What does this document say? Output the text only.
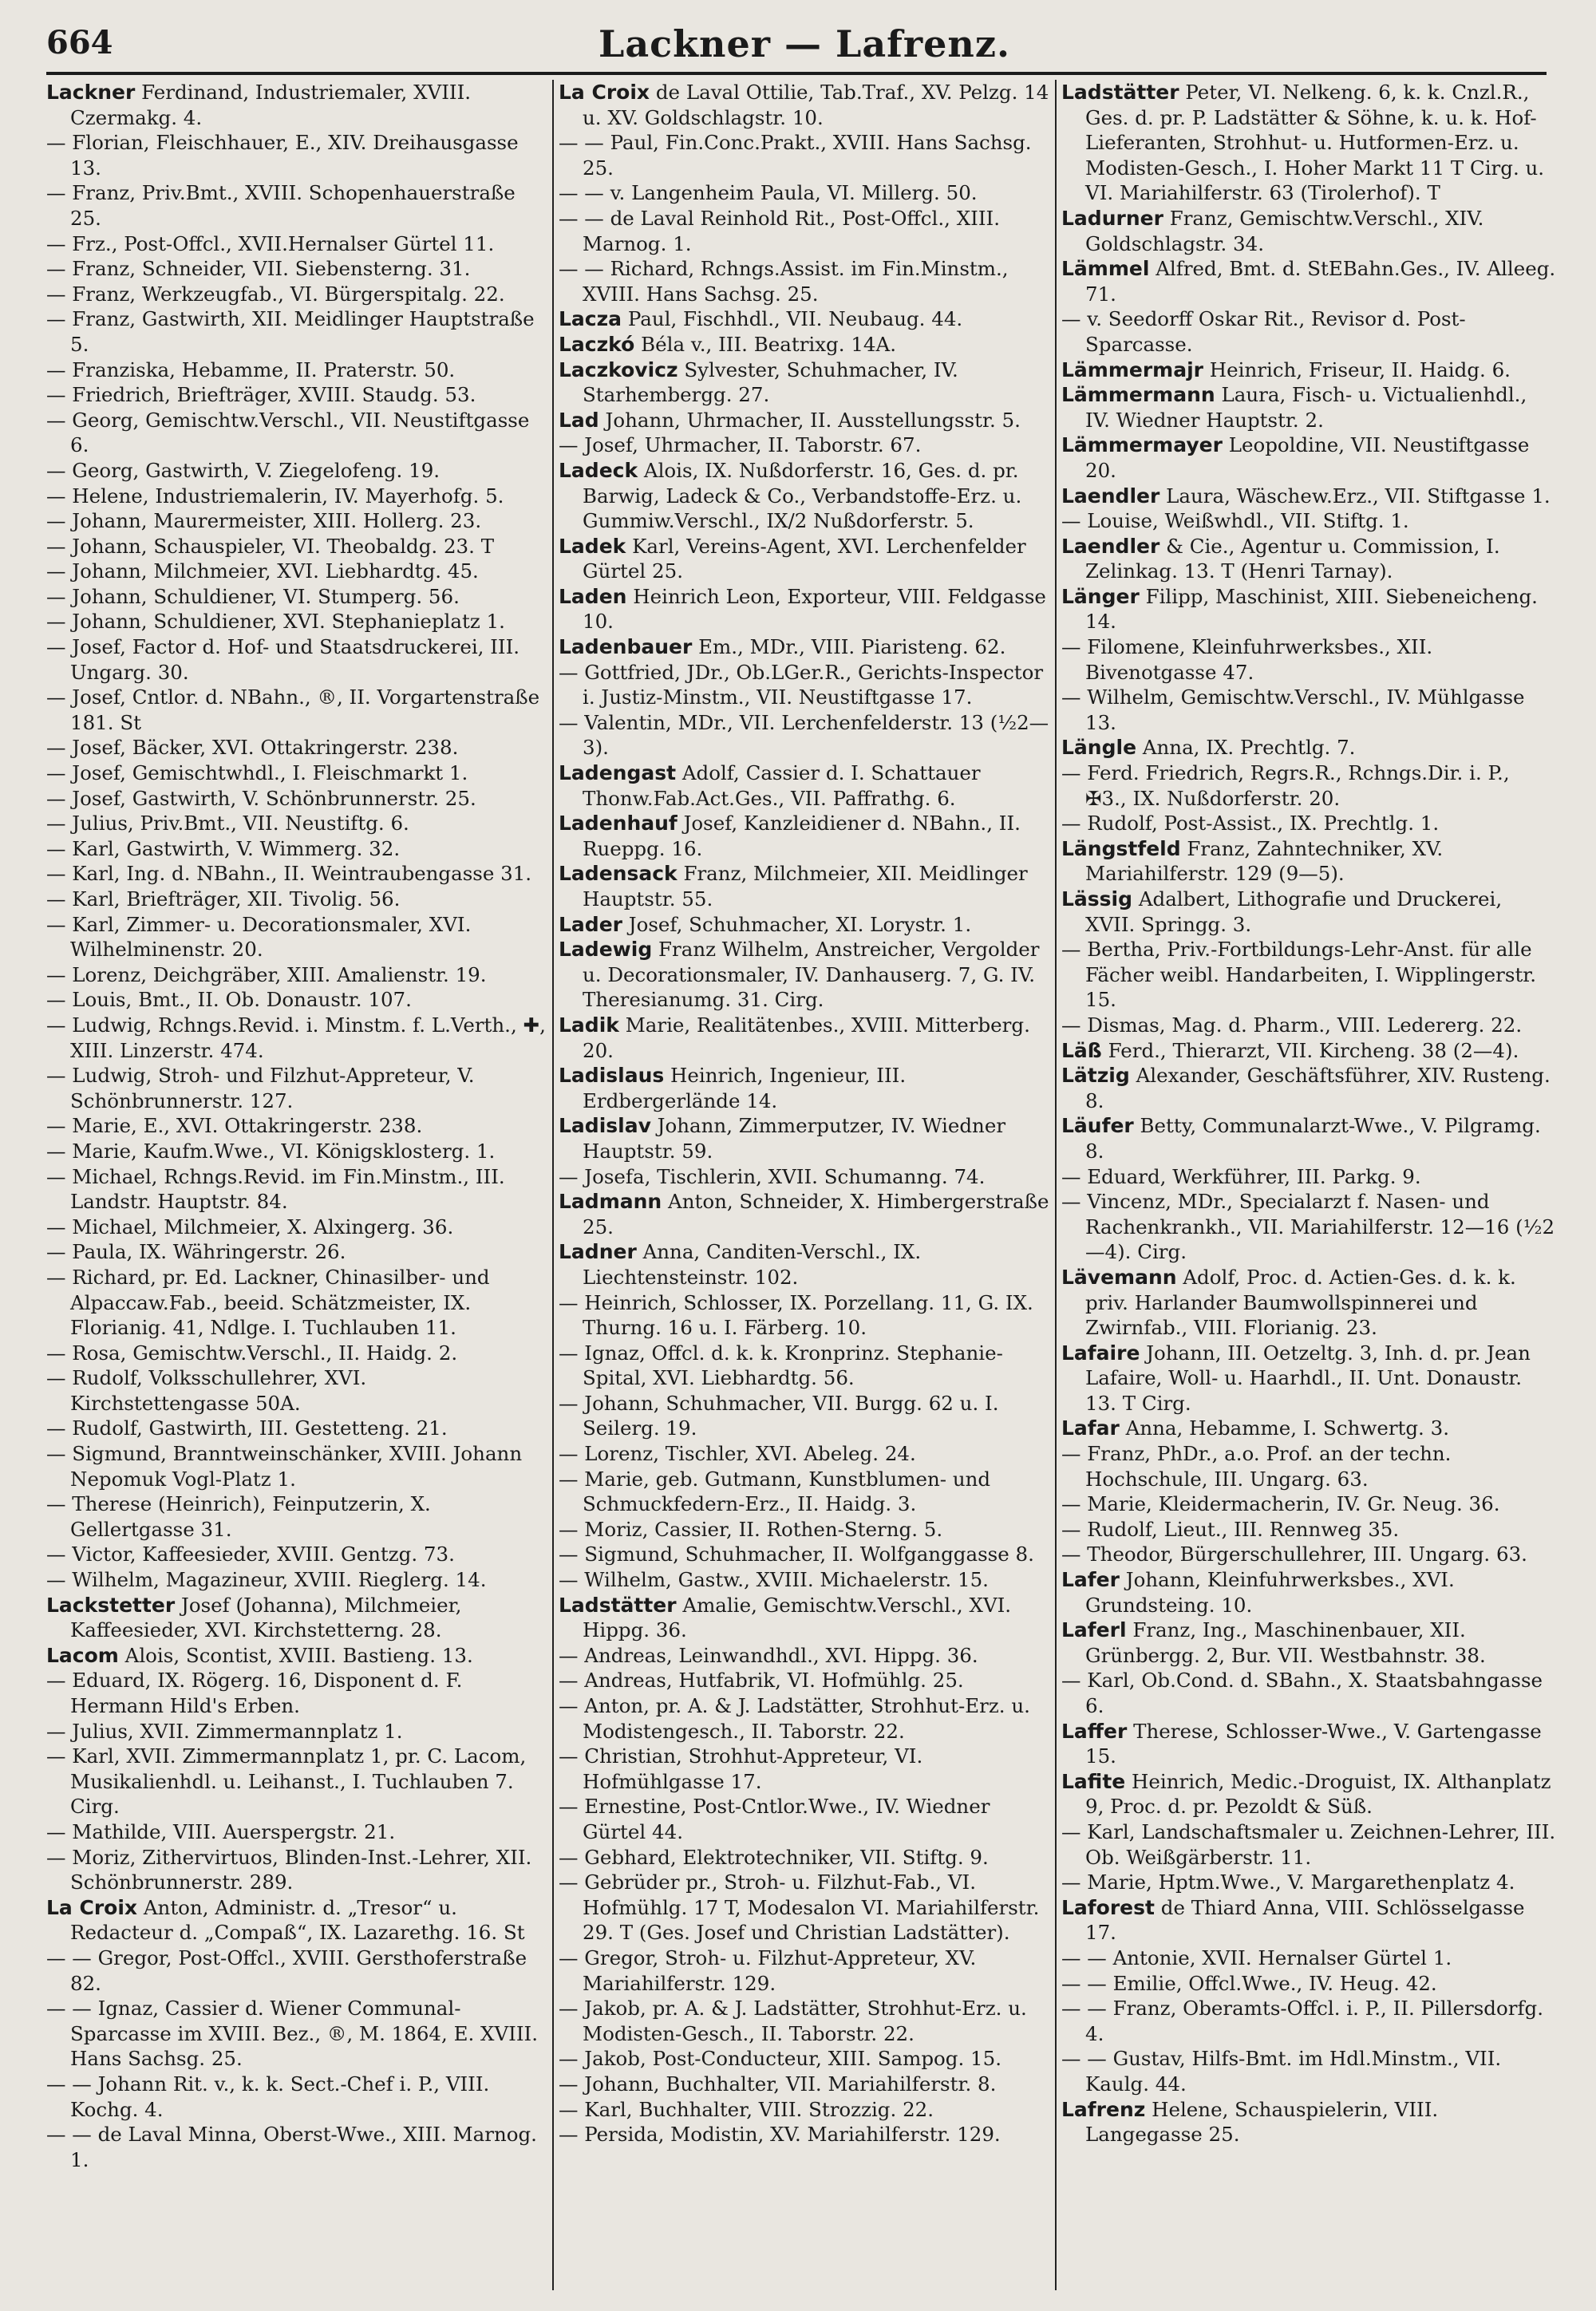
664	Lackner — Lafrenz.

Lackner Ferdinand, Industriemaler, XVIII. Czermakg. 4.

— Florian, Fleischhauer, E., XIV. Dreihausgasse 13.

— Franz, Priv.Bmt., XVIII. Schopenhauerstraße 25.

— Frz., Post-Offcl., XVII.Hernalser Gürtel 11.

— Franz, Schneider, VII. Siebensterng. 31.

— Franz, Werkzeugfab., VI. Bürgerspitalg. 22.

— Franz, Gastwirth, XII. Meidlinger Hauptstraße 5.

— Franziska, Hebamme, II. Praterstr. 50.

— Friedrich, Briefträger, XVIII. Staudg. 53.

— Georg, Gemischtw.Verschl., VII. Neustiftgasse 6.

— Georg, Gastwirth, V. Ziegelofeng. 19.

— Helene, Industriemalerin, IV. Mayerhofg. 5.

— Johann, Maurermeister, XIII. Hollerg. 23.

— Johann, Schauspieler, VI. Theobaldg. 23. T

— Johann, Milchmeier, XVI. Liebhardtg. 45.

— Johann, Schuldiener, VI. Stumperg. 56.

— Johann, Schuldiener, XVI. Stephanieplatz 1.

— Josef, Factor d. Hof- und Staatsdruckerei, III. Ungarg. 30.

— Josef, Cntlor. d. NBahn., ®, II. Vorgartenstraße 181. St

— Josef, Bäcker, XVI. Ottakringerstr. 238.

— Josef, Gemischtwhdl., I. Fleischmarkt 1.

— Josef, Gastwirth, V. Schönbrunnerstr. 25.

— Julius, Priv.Bmt., VII. Neustiftg. 6.

— Karl, Gastwirth, V. Wimmerg. 32.

— Karl, Ing. d. NBahn., II. Weintraubengasse 31.

— Karl, Briefträger, XII. Tivolig. 56.

— Karl, Zimmer- u. Decorationsmaler, XVI. Wilhelminenstr. 20.

— Lorenz, Deichgräber, XIII. Amalienstr. 19.

— Louis, Bmt., II. Ob. Donaustr. 107.

— Ludwig, Rchngs.Revid. i. Minstm. f. L.Verth., ✚, XIII. Linzerstr. 474.

— Ludwig, Stroh- und Filzhut-Appreteur, V. Schönbrunnerstr. 127.

— Marie, E., XVI. Ottakringerstr. 238.

— Marie, Kaufm.Wwe., VI. Königsklosterg. 1.

— Michael, Rchngs.Revid. im Fin.Minstm., III. Landstr. Hauptstr. 84.

— Michael, Milchmeier, X. Alxingerg. 36.

— Paula, IX. Währingerstr. 26.

— Richard, pr. Ed. Lackner, Chinasilber- und Alpaccaw.Fab., beeid. Schätzmeister, IX. Florianig. 41, Ndlge. I. Tuchlauben 11.

— Rosa, Gemischtw.Verschl., II. Haidg. 2.

— Rudolf, Volksschullehrer, XVI. Kirchstettengasse 50A.

— Rudolf, Gastwirth, III. Gestetteng. 21.

— Sigmund, Branntweinschänker, XVIII. Johann Nepomuk Vogl-Platz 1.

— Therese (Heinrich), Feinputzerin, X. Gellertgasse 31.

— Victor, Kaffeesieder, XVIII. Gentzg. 73.

— Wilhelm, Magazineur, XVIII. Rieglerg. 14.

Lackstetter Josef (Johanna), Milchmeier, Kaffeesieder, XVI. Kirchstetterng. 28.

Lacom Alois, Scontist, XVIII. Bastieng. 13.

— Eduard, IX. Rögerg. 16, Disponent d. F. Hermann Hild's Erben.

— Julius, XVII. Zimmermannplatz 1.

— Karl, XVII. Zimmermannplatz 1, pr. C. Lacom, Musikalienhdl. u. Leihanst., I. Tuchlauben 7. Cirg.

— Mathilde, VIII. Auerspergstr. 21.

— Moriz, Zithervirtuos, Blinden-Inst.-Lehrer, XII. Schönbrunnerstr. 289.

La Croix Anton, Administr. d. „Tresor“ u. Redacteur d. „Compaß“, IX. Lazarethg. 16. St

— — Gregor, Post-Offcl., XVIII. Gersthoferstraße 82.

— — Ignaz, Cassier d. Wiener Communal-Sparcasse im XVIII. Bez., ®, M. 1864, E. XVIII. Hans Sachsg. 25.

— — Johann Rit. v., k. k. Sect.-Chef i. P., VIII. Kochg. 4.

— — de Laval Minna, Oberst-Wwe., XIII. Marnog. 1.

La Croix de Laval Ottilie, Tab.Traf., XV. Pelzg. 14 u. XV. Goldschlagstr. 10.

— — Paul, Fin.Conc.Prakt., XVIII. Hans Sachsg. 25.

— — v. Langenheim Paula, VI. Millerg. 50.

— — de Laval Reinhold Rit., Post-Offcl., XIII. Marnog. 1.

— — Richard, Rchngs.Assist. im Fin.Minstm., XVIII. Hans Sachsg. 25.

Lacza Paul, Fischhdl., VII. Neubaug. 44.

Laczkó Béla v., III. Beatrixg. 14A.

Laczkovicz Sylvester, Schuhmacher, IV. Starhembergg. 27.

Lad Johann, Uhrmacher, II. Ausstellungsstr. 5.

— Josef, Uhrmacher, II. Taborstr. 67.

Ladeck Alois, IX. Nußdorferstr. 16, Ges. d. pr. Barwig, Ladeck & Co., Verbandstoffe-Erz. u. Gummiw.Verschl., IX/2 Nußdorferstr. 5.

Ladek Karl, Vereins-Agent, XVI. Lerchenfelder Gürtel 25.

Laden Heinrich Leon, Exporteur, VIII. Feldgasse 10.

Ladenbauer Em., MDr., VIII. Piaristeng. 62.

— Gottfried, JDr., Ob.LGer.R., Gerichts-Inspector i. Justiz-Minstm., VII. Neustiftgasse 17.

— Valentin, MDr., VII. Lerchenfelderstr. 13 (½2—3).

Ladengast Adolf, Cassier d. I. Schattauer Thonw.Fab.Act.Ges., VII. Paffrathg. 6.

Ladenhauf Josef, Kanzleidiener d. NBahn., II. Rueppg. 16.

Ladensack Franz, Milchmeier, XII. Meidlinger Hauptstr. 55.

Lader Josef, Schuhmacher, XI. Lorystr. 1.

Ladewig Franz Wilhelm, Anstreicher, Vergolder u. Decorationsmaler, IV. Danhauserg. 7, G. IV. Theresianumg. 31. Cirg.

Ladik Marie, Realitätenbes., XVIII. Mitterberg. 20.

Ladislaus Heinrich, Ingenieur, III. Erdbergerlände 14.

Ladislav Johann, Zimmerputzer, IV. Wiedner Hauptstr. 59.

— Josefa, Tischlerin, XVII. Schumanng. 74.

Ladmann Anton, Schneider, X. Himbergerstraße 25.

Ladner Anna, Canditen-Verschl., IX. Liechtensteinstr. 102.

— Heinrich, Schlosser, IX. Porzellang. 11, G. IX. Thurng. 16 u. I. Färberg. 10.

— Ignaz, Offcl. d. k. k. Kronprinz. Stephanie-Spital, XVI. Liebhardtg. 56.

— Johann, Schuhmacher, VII. Burgg. 62 u. I. Seilerg. 19.

— Lorenz, Tischler, XVI. Abeleg. 24.

— Marie, geb. Gutmann, Kunstblumen- und Schmuckfedern-Erz., II. Haidg. 3.

— Moriz, Cassier, II. Rothen-Sterng. 5.

— Sigmund, Schuhmacher, II. Wolfganggasse 8.

— Wilhelm, Gastw., XVIII. Michaelerstr. 15.

Ladstätter Amalie, Gemischtw.Verschl., XVI. Hippg. 36.

— Andreas, Leinwandhdl., XVI. Hippg. 36.

— Andreas, Hutfabrik, VI. Hofmühlg. 25.

— Anton, pr. A. & J. Ladstätter, Strohhut-Erz. u. Modistengesch., II. Taborstr. 22.

— Christian, Strohhut-Appreteur, VI. Hofmühlgasse 17.

— Ernestine, Post-Cntlor.Wwe., IV. Wiedner Gürtel 44.

— Gebhard, Elektrotechniker, VII. Stiftg. 9.

— Gebrüder pr., Stroh- u. Filzhut-Fab., VI. Hofmühlg. 17 T, Modesalon VI. Mariahilferstr. 29. T (Ges. Josef und Christian Ladstätter).

— Gregor, Stroh- u. Filzhut-Appreteur, XV. Mariahilferstr. 129.

— Jakob, pr. A. & J. Ladstätter, Strohhut-Erz. u. Modisten-Gesch., II. Taborstr. 22.

— Jakob, Post-Conducteur, XIII. Sampog. 15.

— Johann, Buchhalter, VII. Mariahilferstr. 8.

— Karl, Buchhalter, VIII. Strozzig. 22.

— Persida, Modistin, XV. Mariahilferstr. 129.

Ladstätter Peter, VI. Nelkeng. 6, k. k. Cnzl.R., Ges. d. pr. P. Ladstätter & Söhne, k. u. k. Hof-Lieferanten, Strohhut- u. Hutformen-Erz. u. Modisten-Gesch., I. Hoher Markt 11 T Cirg. u. VI. Mariahilferstr. 63 (Tirolerhof). T

Ladurner Franz, Gemischtw.Verschl., XIV. Goldschlagstr. 34.

Lämmel Alfred, Bmt. d. StEBahn.Ges., IV. Alleeg. 71.

— v. Seedorff Oskar Rit., Revisor d. Post-Sparcasse.

Lämmermajr Heinrich, Friseur, II. Haidg. 6.

Lämmermann Laura, Fisch- u. Victualienhdl., IV. Wiedner Hauptstr. 2.

Lämmermayer Leopoldine, VII. Neustiftgasse 20.

Laendler Laura, Wäschew.Erz., VII. Stiftgasse 1.

— Louise, Weißwhdl., VII. Stiftg. 1.

Laendler & Cie., Agentur u. Commission, I. Zelinkag. 13. T (Henri Tarnay).

Länger Filipp, Maschinist, XIII. Siebeneicheng. 14.

— Filomene, Kleinfuhrwerksbes., XII. Bivenotgasse 47.

— Wilhelm, Gemischtw.Verschl., IV. Mühlgasse 13.

Längle Anna, IX. Prechtlg. 7.

— Ferd. Friedrich, Regrs.R., Rchngs.Dir. i. P., ✠3., IX. Nußdorferstr. 20.

— Rudolf, Post-Assist., IX. Prechtlg. 1.

Längstfeld Franz, Zahntechniker, XV. Mariahilferstr. 129 (9—5).

Lässig Adalbert, Lithografie und Druckerei, XVII. Springg. 3.

— Bertha, Priv.-Fortbildungs-Lehr-Anst. für alle Fächer weibl. Handarbeiten, I. Wipplingerstr. 15.

— Dismas, Mag. d. Pharm., VIII. Ledererg. 22.

Läß Ferd., Thierarzt, VII. Kircheng. 38 (2—4).

Lätzig Alexander, Geschäftsführer, XIV. Rusteng. 8.

Läufer Betty, Communalarzt-Wwe., V. Pilgramg. 8.

— Eduard, Werkführer, III. Parkg. 9.

— Vincenz, MDr., Specialarzt f. Nasen- und Rachenkrankh., VII. Mariahilferstr. 12—16 (½2—4). Cirg.

Lävemann Adolf, Proc. d. Actien-Ges. d. k. k. priv. Harlander Baumwollspinnerei und Zwirnfab., VIII. Florianig. 23.

Lafaire Johann, III. Oetzeltg. 3, Inh. d. pr. Jean Lafaire, Woll- u. Haarhdl., II. Unt. Donaustr. 13. T Cirg.

Lafar Anna, Hebamme, I. Schwertg. 3.

— Franz, PhDr., a.o. Prof. an der techn. Hochschule, III. Ungarg. 63.

— Marie, Kleidermacherin, IV. Gr. Neug. 36.

— Rudolf, Lieut., III. Rennweg 35.

— Theodor, Bürgerschullehrer, III. Ungarg. 63.

Lafer Johann, Kleinfuhrwerksbes., XVI. Grundsteing. 10.

Laferl Franz, Ing., Maschinenbauer, XII. Grünbergg. 2, Bur. VII. Westbahnstr. 38.

— Karl, Ob.Cond. d. SBahn., X. Staatsbahngasse 6.

Laffer Therese, Schlosser-Wwe., V. Gartengasse 15.

Lafite Heinrich, Medic.-Droguist, IX. Althanplatz 9, Proc. d. pr. Pezoldt & Süß.

— Karl, Landschaftsmaler u. Zeichnen-Lehrer, III. Ob. Weißgärberstr. 11.

— Marie, Hptm.Wwe., V. Margarethenplatz 4.

Laforest de Thiard Anna, VIII. Schlösselgasse 17.

— — Antonie, XVII. Hernalser Gürtel 1.

— — Emilie, Offcl.Wwe., IV. Heug. 42.

— — Franz, Oberamts-Offcl. i. P., II. Pillersdorfg. 4.

— — Gustav, Hilfs-Bmt. im Hdl.Minstm., VII. Kaulg. 44.

Lafrenz Helene, Schauspielerin, VIII. Langegasse 25.
